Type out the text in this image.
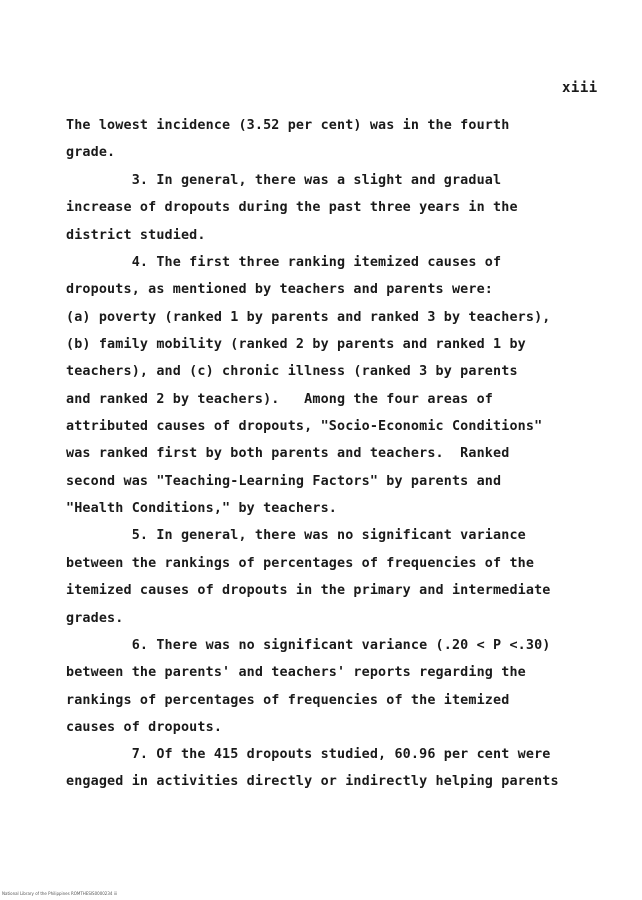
xiii
The lowest incidence (3.52 per cent) was in the fourth
grade.
3. In general, there was a slight and gradual
increase of dropouts during the past three years in the
district studied.
4. The first three ranking itemized causes of
dropouts, as mentioned by teachers and parents were:
(a) poverty (ranked 1 by parents and ranked 3 by teachers),
(b) family mobility (ranked 2 by parents and ranked 1 by
teachers), and (c) chronic illness (ranked 3 by parents
and ranked 2 by teachers).   Among the four areas of
attributed causes of dropouts, "Socio-Economic Conditions"
was ranked first by both parents and teachers.  Ranked
second was "Teaching-Learning Factors" by parents and
"Health Conditions," by teachers.
5. In general, there was no significant variance
between the rankings of percentages of frequencies of the
itemized causes of dropouts in the primary and intermediate
grades.
6. There was no significant variance (.20 < P <.30)
between the parents' and teachers' reports regarding the
rankings of percentages of frequencies of the itemized
causes of dropouts.
7. Of the 415 dropouts studied, 60.96 per cent were
engaged in activities directly or indirectly helping parents
National Library of the Philippines ROMTHESIS0000234 iii
